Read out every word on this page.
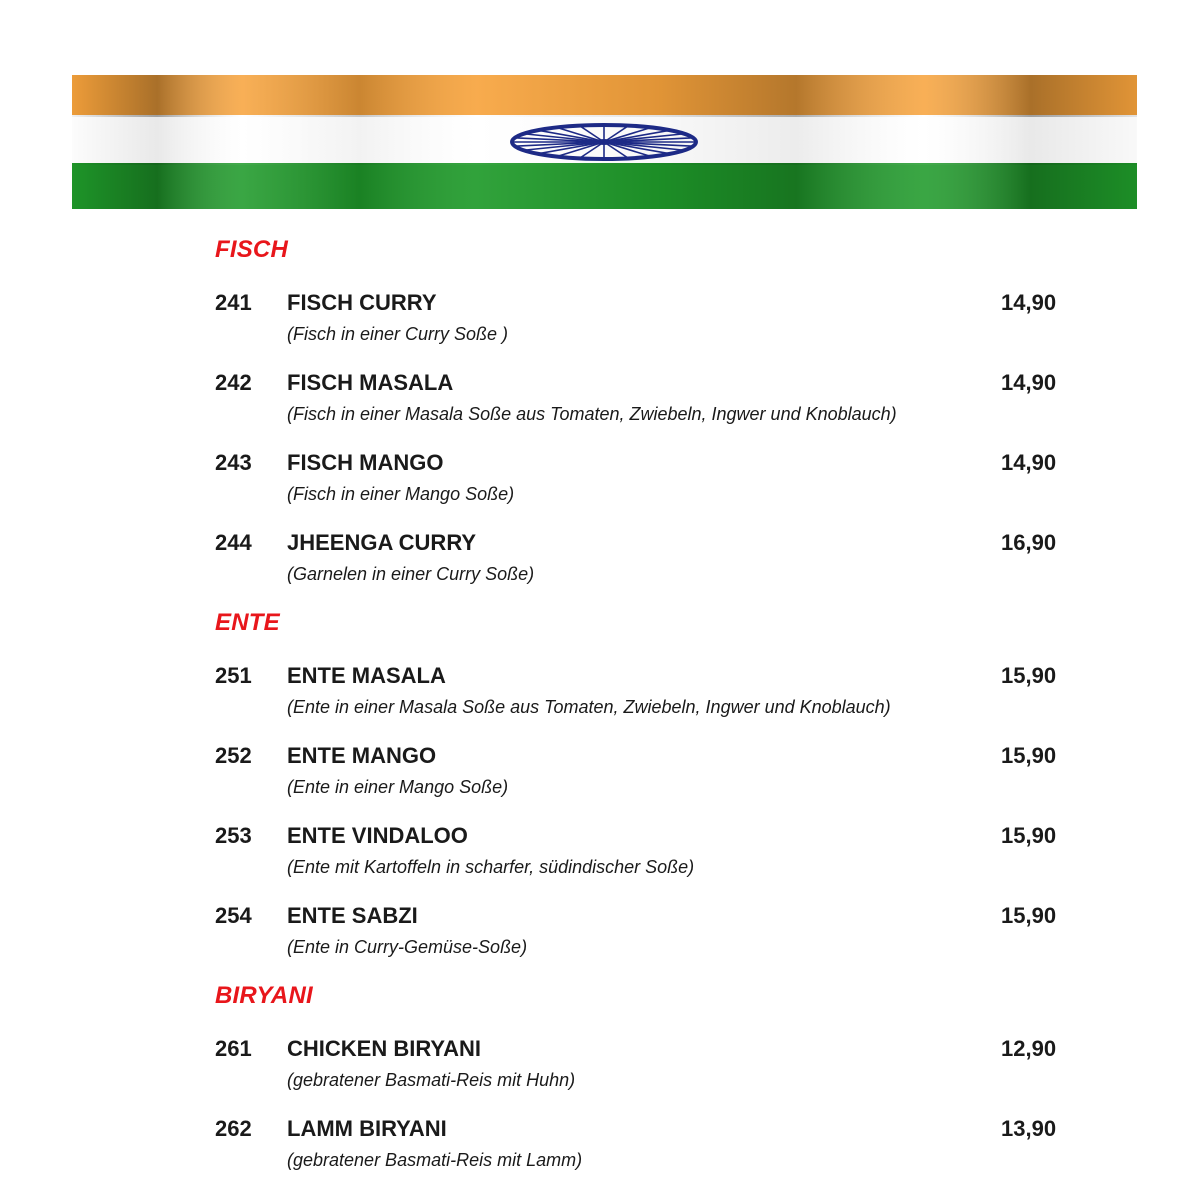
FISCH
241 FISCH CURRY	14,90
(Fisch in einer Curry Soße )
242 FISCH MASALA	14,90
(Fisch in einer Masala Soße aus Tomaten, Zwiebeln, Ingwer und Knoblauch)
243 FISCH MANGO	14,90
(Fisch in einer Mango Soße)
244 JHEENGA CURRY	16,90
(Garnelen in einer Curry Soße)
ENTE
251 ENTE MASALA	15,90
(Ente in einer Masala Soße aus Tomaten, Zwiebeln, Ingwer und Knoblauch)
252 ENTE MANGO	15,90
(Ente in einer Mango Soße)
253 ENTE VINDALOO	15,90
(Ente mit Kartoffeln in scharfer, südindischer Soße)
254 ENTE SABZI	15,90
(Ente in Curry-Gemüse-Soße)
BIRYANI
261 CHICKEN BIRYANI	12,90
(gebratener Basmati-Reis mit Huhn)
262 LAMM BIRYANI	13,90
(gebratener Basmati-Reis mit Lamm)
